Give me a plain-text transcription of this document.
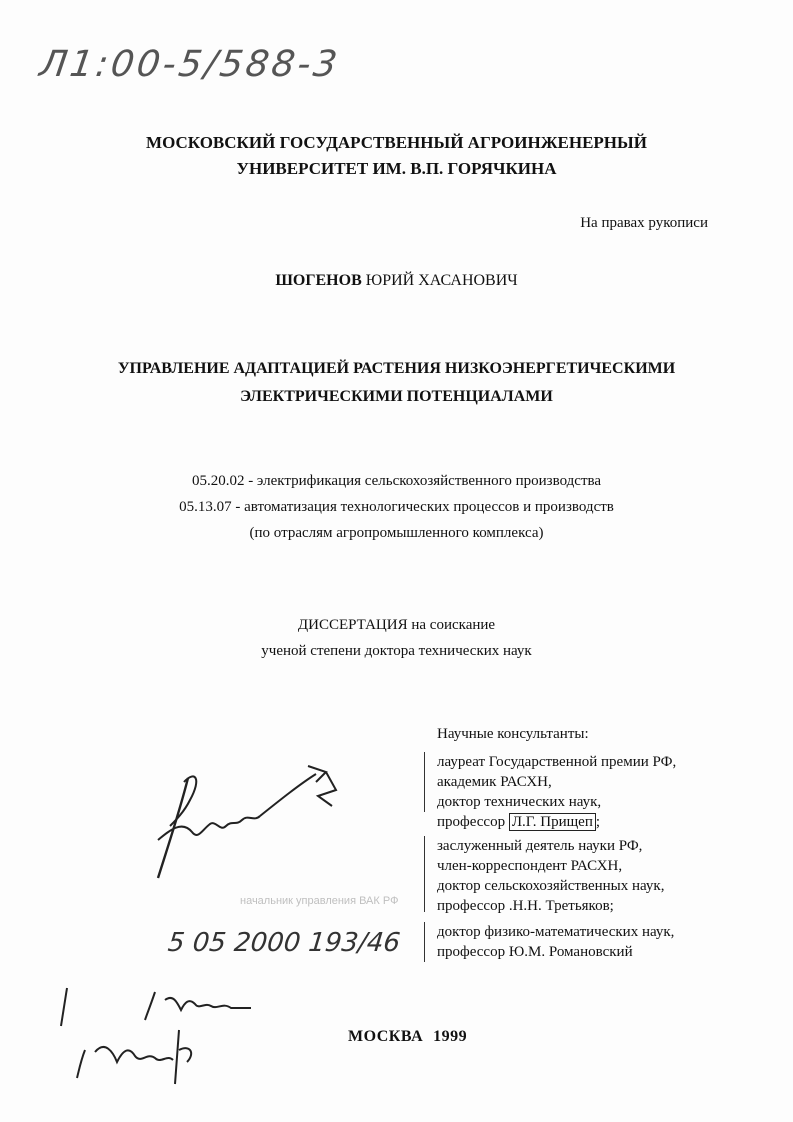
Л1:00-5/588-3
МОСКОВСКИЙ ГОСУДАРСТВЕННЫЙ АГРОИНЖЕНЕРНЫЙ
УНИВЕРСИТЕТ ИМ. В.П. ГОРЯЧКИНА
На правах рукописи
ШОГЕНОВ ЮРИЙ ХАСАНОВИЧ
УПРАВЛЕНИЕ АДАПТАЦИЕЙ РАСТЕНИЯ НИЗКОЭНЕРГЕТИЧЕСКИМИ
ЭЛЕКТРИЧЕСКИМИ ПОТЕНЦИАЛАМИ
05.20.02 - электрификация сельскохозяйственного производства
05.13.07 - автоматизация технологических процессов и производств
(по отраслям агропромышленного комплекса)
ДИССЕРТАЦИЯ на соискание
ученой степени доктора технических наук
Научные консультанты:
лауреат Государственной премии РФ,
академик РАСХН,
доктор технических наук,
профессор Л.Г. Прищеп ;
заслуженный деятель науки РФ,
член-корреспондент РАСХН,
доктор сельскохозяйственных наук,
профессор .Н.Н. Третьяков;
доктор физико-математических наук,
профессор Ю.М. Романовский
начальник управления ВАК РФ
5 05 2000 193/46
МОСКВА 1999
